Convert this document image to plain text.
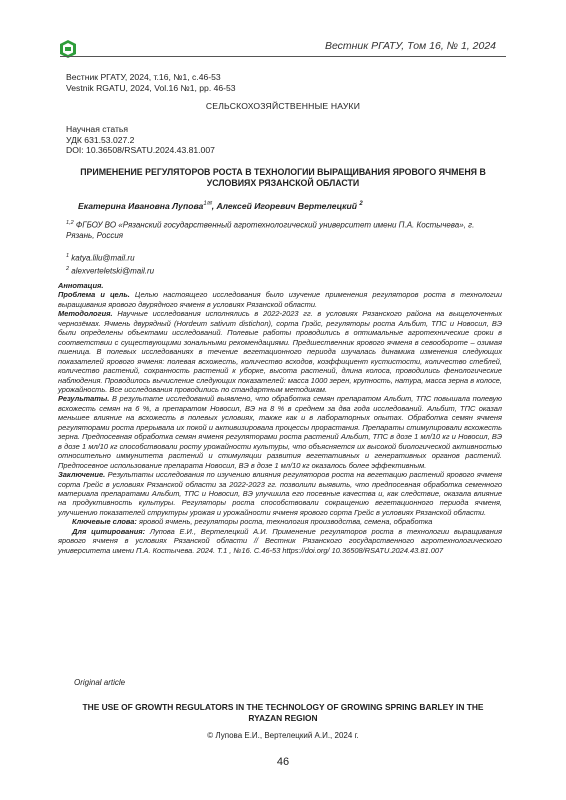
Вестник РГАТУ, Том 16, № 1, 2024
Вестник РГАТУ, 2024, т.16, №1, с.46-53
Vestnik RGATU, 2024, Vol.16 №1, pp. 46-53
СЕЛЬСКОХОЗЯЙСТВЕННЫЕ НАУКИ
Научная статья
УДК 631.53.027.2
DOI: 10.36508/RSATU.2024.43.81.007
ПРИМЕНЕНИЕ РЕГУЛЯТОРОВ РОСТА В ТЕХНОЛОГИИ ВЫРАЩИВАНИЯ ЯРОВОГО ЯЧМЕНЯ В УСЛОВИЯХ РЯЗАНСКОЙ ОБЛАСТИ
Екатерина Ивановна Лупова$^{1✉}$, Алексей Игоревич Вертелецкий $^2$
$^{1,2}$ ФГБОУ ВО «Рязанский государственный агротехнологический университет имени П.А. Костычева», г. Рязань, Россия
$^1$ katya.lilu@mail.ru
$^2$ alexverteletski@mail.ru

Аннотация.

Проблема и цель. Целью настоящего исследования было изучение применения регуляторов роста в технологии выращивания ярового двурядного ячменя в условиях Рязанской области.

Методология. Научные исследования исполнялись в 2022-2023 гг. в условиях Рязанского района на выщелоченных чернозёмах. Ячмень двурядный (Hordeum sativum distichon), сорта Грэйс, регуляторы роста Альбит, ТПС и Новосил, ВЭ были определены объектами исследований. Полевые работы проводились в оптимальные агротехнические сроки в соответствии с существующими зональными рекомендациями. Предшественник ярового ячменя в севообороте – озимая пшеница. В полевых исследованиях в течение вегетационного периода изучалась динамика изменения следующих показателей ярового ячменя: полевая всхожесть, количество всходов, коэффициент кустистости, количество стеблей, количество растений, сохранность растений к уборке, высота растений, длина колоса, проводились фенологические наблюдения. Проводилось вычисление следующих показателей: масса 1000 зерен, крупность, натура, масса зерна в колосе, урожайность. Все исследования проводились по стандартным методикам.

Результаты. В результате исследований выявлено, что обработка семян препаратом Альбит, ТПС повышала полевую всхожесть семян на 6 %, а препаратом Новосил, ВЭ на 8 % в среднем за два года исследований. Альбит, ТПС оказал меньшее влияние на всхожесть в полевых условиях, также как и в лабораторных опытах. Обработка семян ячменя регуляторами роста прерывала их покой и активизировала процессы прорастания. Препараты стимулировали всхожесть зерна. Предпосевная обработка семян ячменя регуляторами роста растений Альбит, ТПС в дозе 1 мл/10 кг и Новосил, ВЭ в дозе 1 мл/10 кг способствовали росту урожайности культуры, что объясняется их высокой биологической активностью относительно иммунитета растений и стимуляции развития вегетативных и генеративных органов растений. Предпосевное использование препарата Новосил, ВЭ в дозе 1 мл/10 кг оказалось более эффективным.

Заключение. Результаты исследования по изучению влияния регуляторов роста на вегетацию растений ярового ячменя сорта Грейс в условиях Рязанской области за 2022-2023 гг. позволили выявить, что предпосевная обработка семенного материала препаратами Альбит, ТПС и Новосил, ВЭ улучшила его посевные качества и, как следствие, оказала влияние на продуктивность культуры. Регуляторы роста способствовали сокращению вегетационного периода ячменя, улучшению показателей структуры урожая и урожайности ячменя ярового сорта Грейс в условиях Рязанской области.

Ключевые слова: яровой ячмень, регуляторы роста, технология производства, семена, обработка

Для цитирования: Лупова Е.И., Вертелецкий А.И. Применение регуляторов роста в технологии выращивания ярового ячменя в условиях Рязанской области // Вестник Рязанского государственного агротехнологического университета имени П.А. Костычева. 2024. Т.1 , №16. С.46-53 https://doi.org/ 10.36508/RSATU.2024.43.81.007

Original article
THE USE OF GROWTH REGULATORS IN THE TECHNOLOGY OF GROWING SPRING BARLEY IN THE RYAZAN REGION
© Лупова Е.И., Вертелецкий А.И., 2024 г.
46
